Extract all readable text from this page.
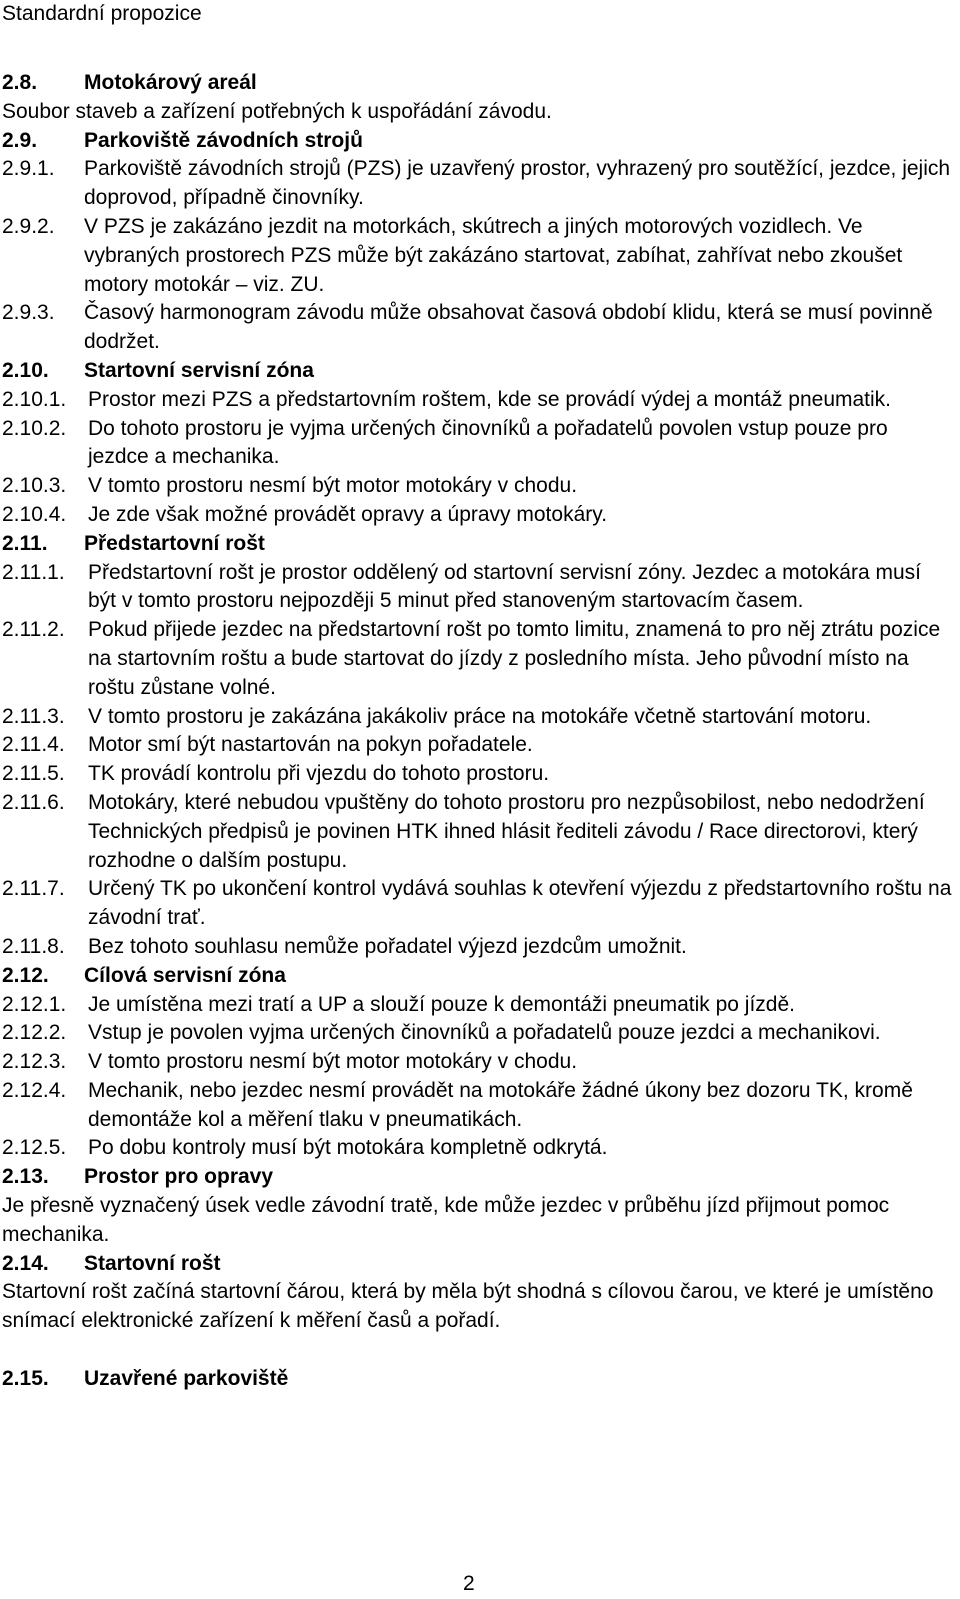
Standardní propozice
2.8.	Motokárový areál
Soubor staveb a zařízení potřebných k uspořádání závodu.
2.9.	Parkoviště závodních strojů
2.9.1.	Parkoviště závodních strojů (PZS) je uzavřený prostor, vyhrazený pro soutěžící, jezdce, jejich doprovod, případně činovníky.
2.9.2.	V PZS je zakázáno jezdit na motorkách, skútrech a jiných motorových vozidlech. Ve vybraných prostorech PZS může být zakázáno startovat, zabíhat, zahřívat nebo zkoušet motory motokár – viz. ZU.
2.9.3.	Časový harmonogram závodu může obsahovat časová období klidu, která se musí povinně dodržet.
2.10.	Startovní servisní zóna
2.10.1.	Prostor mezi PZS a předstartovním roštem, kde se provádí výdej a montáž pneumatik.
2.10.2.	Do tohoto prostoru je vyjma určených činovníků a pořadatelů povolen vstup pouze pro jezdce a mechanika.
2.10.3.	V tomto prostoru nesmí být motor motokáry v chodu.
2.10.4.	Je zde však možné provádět opravy a úpravy motokáry.
2.11.	Předstartovní rošt
2.11.1.	Předstartovní rošt je prostor oddělený od startovní servisní zóny. Jezdec a motokára musí být v tomto prostoru nejpozději 5 minut před stanoveným startovacím časem.
2.11.2.	Pokud přijede jezdec na předstartovní rošt po tomto limitu, znamená to pro něj ztrátu pozice na startovním roštu a bude startovat do jízdy z posledního místa. Jeho původní místo na roštu zůstane volné.
2.11.3.	V tomto prostoru je zakázána jakákoliv práce na motokáře včetně startování motoru.
2.11.4.	Motor smí být nastartován na pokyn pořadatele.
2.11.5.	TK provádí kontrolu při vjezdu do tohoto prostoru.
2.11.6.	Motokáry, které nebudou vpuštěny do tohoto prostoru pro nezpůsobilost, nebo nedodržení Technických předpisů je povinen HTK ihned hlásit řediteli závodu / Race directorovi, který rozhodne o dalším postupu.
2.11.7.	Určený TK po ukončení kontrol vydává souhlas k otevření výjezdu z předstartovního roštu na závodní trať.
2.11.8.	Bez tohoto souhlasu nemůže pořadatel výjezd jezdcům umožnit.
2.12.	Cílová servisní zóna
2.12.1.	Je umístěna mezi tratí a UP a slouží pouze k demontáži pneumatik po jízdě.
2.12.2.	Vstup je povolen vyjma určených činovníků a pořadatelů pouze jezdci a mechanikovi.
2.12.3.	V tomto prostoru nesmí být motor motokáry v chodu.
2.12.4.	Mechanik, nebo jezdec nesmí provádět na motokáře žádné úkony bez dozoru TK, kromě demontáže kol a měření tlaku v pneumatikách.
2.12.5.	Po dobu kontroly musí být motokára kompletně odkrytá.
2.13.	Prostor pro opravy
Je přesně vyznačený úsek vedle závodní tratě, kde může jezdec v průběhu jízd přijmout pomoc mechanika.
2.14.	Startovní rošt
Startovní rošt začíná startovní čárou, která by měla být shodná s cílovou čarou, ve které je umístěno snímací elektronické zařízení k měření časů a pořadí.
2.15.	Uzavřené parkoviště
2
